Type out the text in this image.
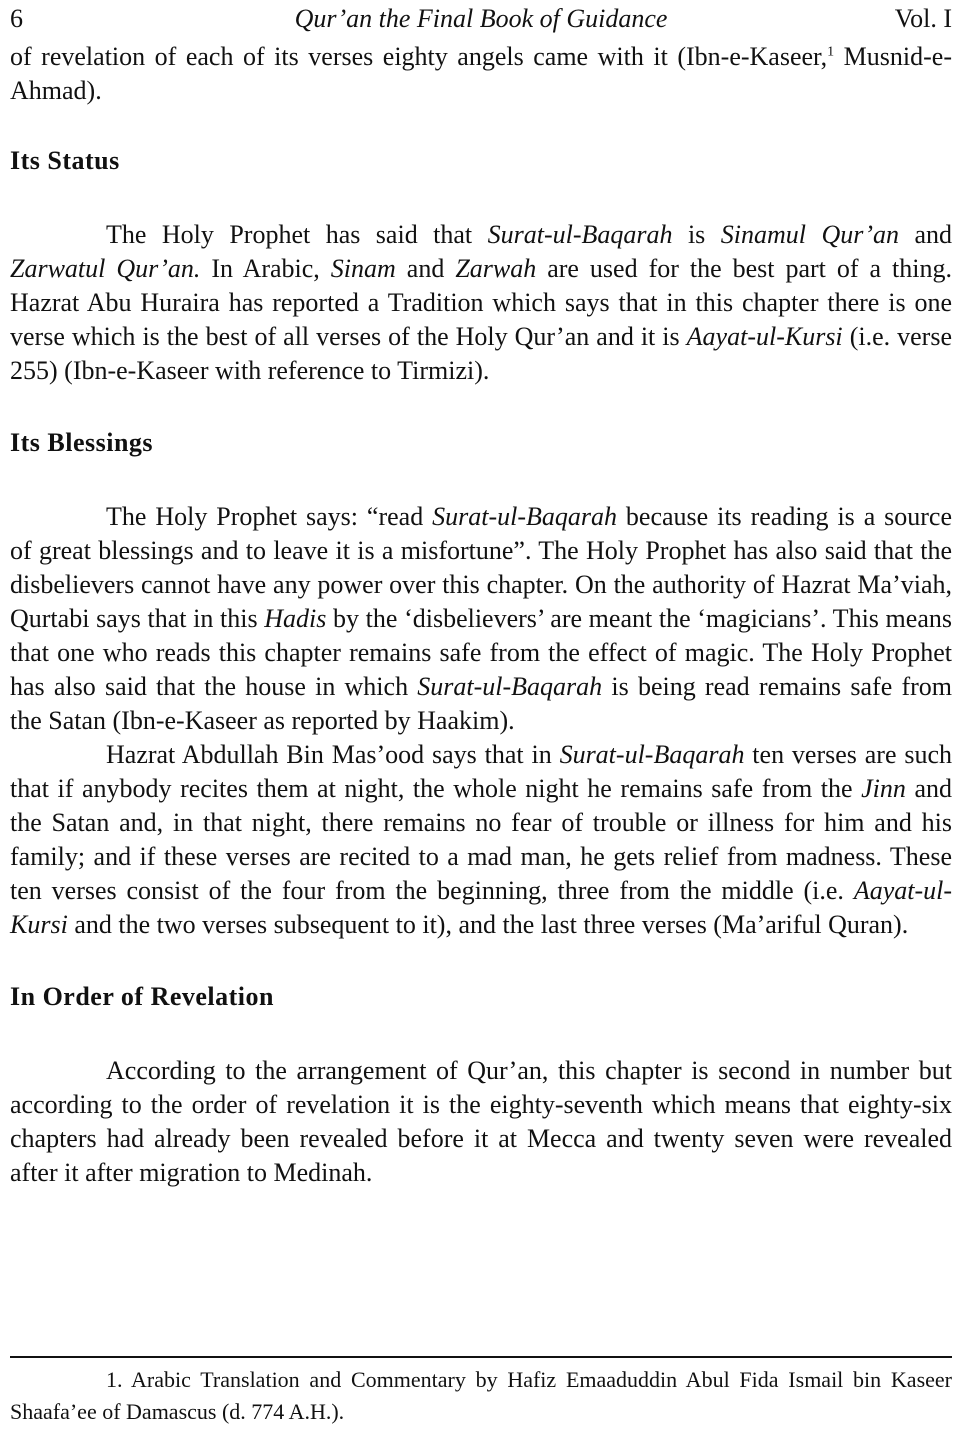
6	Qur’an the Final Book of Guidance	Vol. I

of revelation of each of its verses eighty angels came with it (Ibn-e-Kaseer,$^1$ Musnid-e-Ahmad).

Its Status

The Holy Prophet has said that Surat-ul-Baqarah is Sinamul Qur’an and Zarwatul Qur’an. In Arabic, Sinam and Zarwah are used for the best part of a thing. Hazrat Abu Huraira has reported a Tradition which says that in this chapter there is one verse which is the best of all verses of the Holy Qur’an and it is Aayat-ul-Kursi (i.e. verse 255) (Ibn-e-Kaseer with reference to Tirmizi).

Its Blessings

The Holy Prophet says: “read Surat-ul-Baqarah because its reading is a source of great blessings and to leave it is a misfortune”. The Holy Prophet has also said that the disbelievers cannot have any power over this chapter. On the authority of Hazrat Ma’viah, Qurtabi says that in this Hadis by the ‘disbelievers’ are meant the ‘magicians’. This means that one who reads this chapter remains safe from the effect of magic. The Holy Prophet has also said that the house in which Surat-ul-Baqarah is being read remains safe from the Satan (Ibn-e-Kaseer as reported by Haakim).

Hazrat Abdullah Bin Mas’ood says that in Surat-ul-Baqarah ten verses are such that if anybody recites them at night, the whole night he remains safe from the Jinn and the Satan and, in that night, there remains no fear of trouble or illness for him and his family; and if these verses are recited to a mad man, he gets relief from madness. These ten verses consist of the four from the beginning, three from the middle (i.e. Aayat-ul-Kursi and the two verses subsequent to it), and the last three verses (Ma’ariful Quran).

In Order of Revelation

According to the arrangement of Qur’an, this chapter is second in number but according to the order of revelation it is the eighty-seventh which means that eighty-six chapters had already been revealed before it at Mecca and twenty seven were revealed after it after migration to Medinah.

1. Arabic Translation and Commentary by Hafiz Emaaduddin Abul Fida Ismail bin Kaseer Shaafa’ee of Damascus (d. 774 A.H.).
